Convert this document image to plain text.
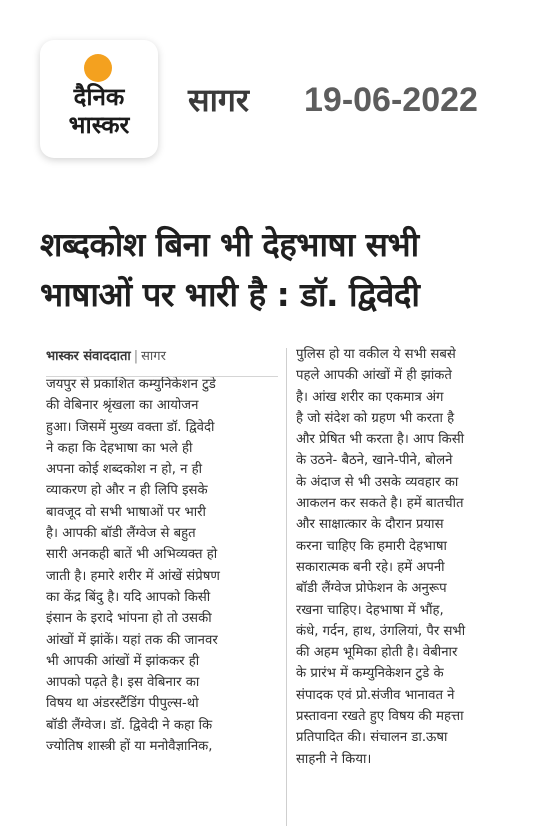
दैनिक
भास्कर
सागर 19-06-2022
शब्दकोश बिना भी देहभाषा सभी
भाषाओं पर भारी है : डॉ. द्विवेदी
भास्कर संवाददाता | सागर
जयपुर से प्रकाशित कम्युनिकेशन टुडे
की वेबिनार श्रृंखला का आयोजन
हुआ। जिसमें मुख्य वक्ता डॉ. द्विवेदी
ने कहा कि देहभाषा का भले ही
अपना कोई शब्दकोश न हो, न ही
व्याकरण हो और न ही लिपि इसके
बावजूद वो सभी भाषाओं पर भारी
है। आपकी बॉडी लैंग्वेज से बहुत
सारी अनकही बातें भी अभिव्यक्त हो
जाती है। हमारे शरीर में आंखें संप्रेषण
का केंद्र बिंदु है। यदि आपको किसी
इंसान के इरादे भांपना हो तो उसकी
आंखों में झांकें। यहां तक की जानवर
भी आपकी आंखों में झांककर ही
आपको पढ़ते है। इस वेबिनार का
विषय था अंडरस्टैंडिंग पीपुल्स-थो
बॉडी लैंग्वेज। डॉ. द्विवेदी ने कहा कि
ज्योतिष शास्त्री हों या मनोवैज्ञानिक,
पुलिस हो या वकील ये सभी सबसे
पहले आपकी आंखों में ही झांकते
है। आंख शरीर का एकमात्र अंग
है जो संदेश को ग्रहण भी करता है
और प्रेषित भी करता है। आप किसी
के उठने- बैठने, खाने-पीने, बोलने
के अंदाज से भी उसके व्यवहार का
आकलन कर सकते है। हमें बातचीत
और साक्षात्कार के दौरान प्रयास
करना चाहिए कि हमारी देहभाषा
सकारात्मक बनी रहे। हमें अपनी
बॉडी लैंग्वेज प्रोफेशन के अनुरूप
रखना चाहिए। देहभाषा में भौंह,
कंधे, गर्दन, हाथ, उंगलियां, पैर सभी
की अहम भूमिका होती है। वेबीनार
के प्रारंभ में कम्युनिकेशन टुडे के
संपादक एवं प्रो.संजीव भानावत ने
प्रस्तावना रखते हुए विषय की महत्ता
प्रतिपादित की। संचालन डा.ऊषा
साहनी ने किया।
